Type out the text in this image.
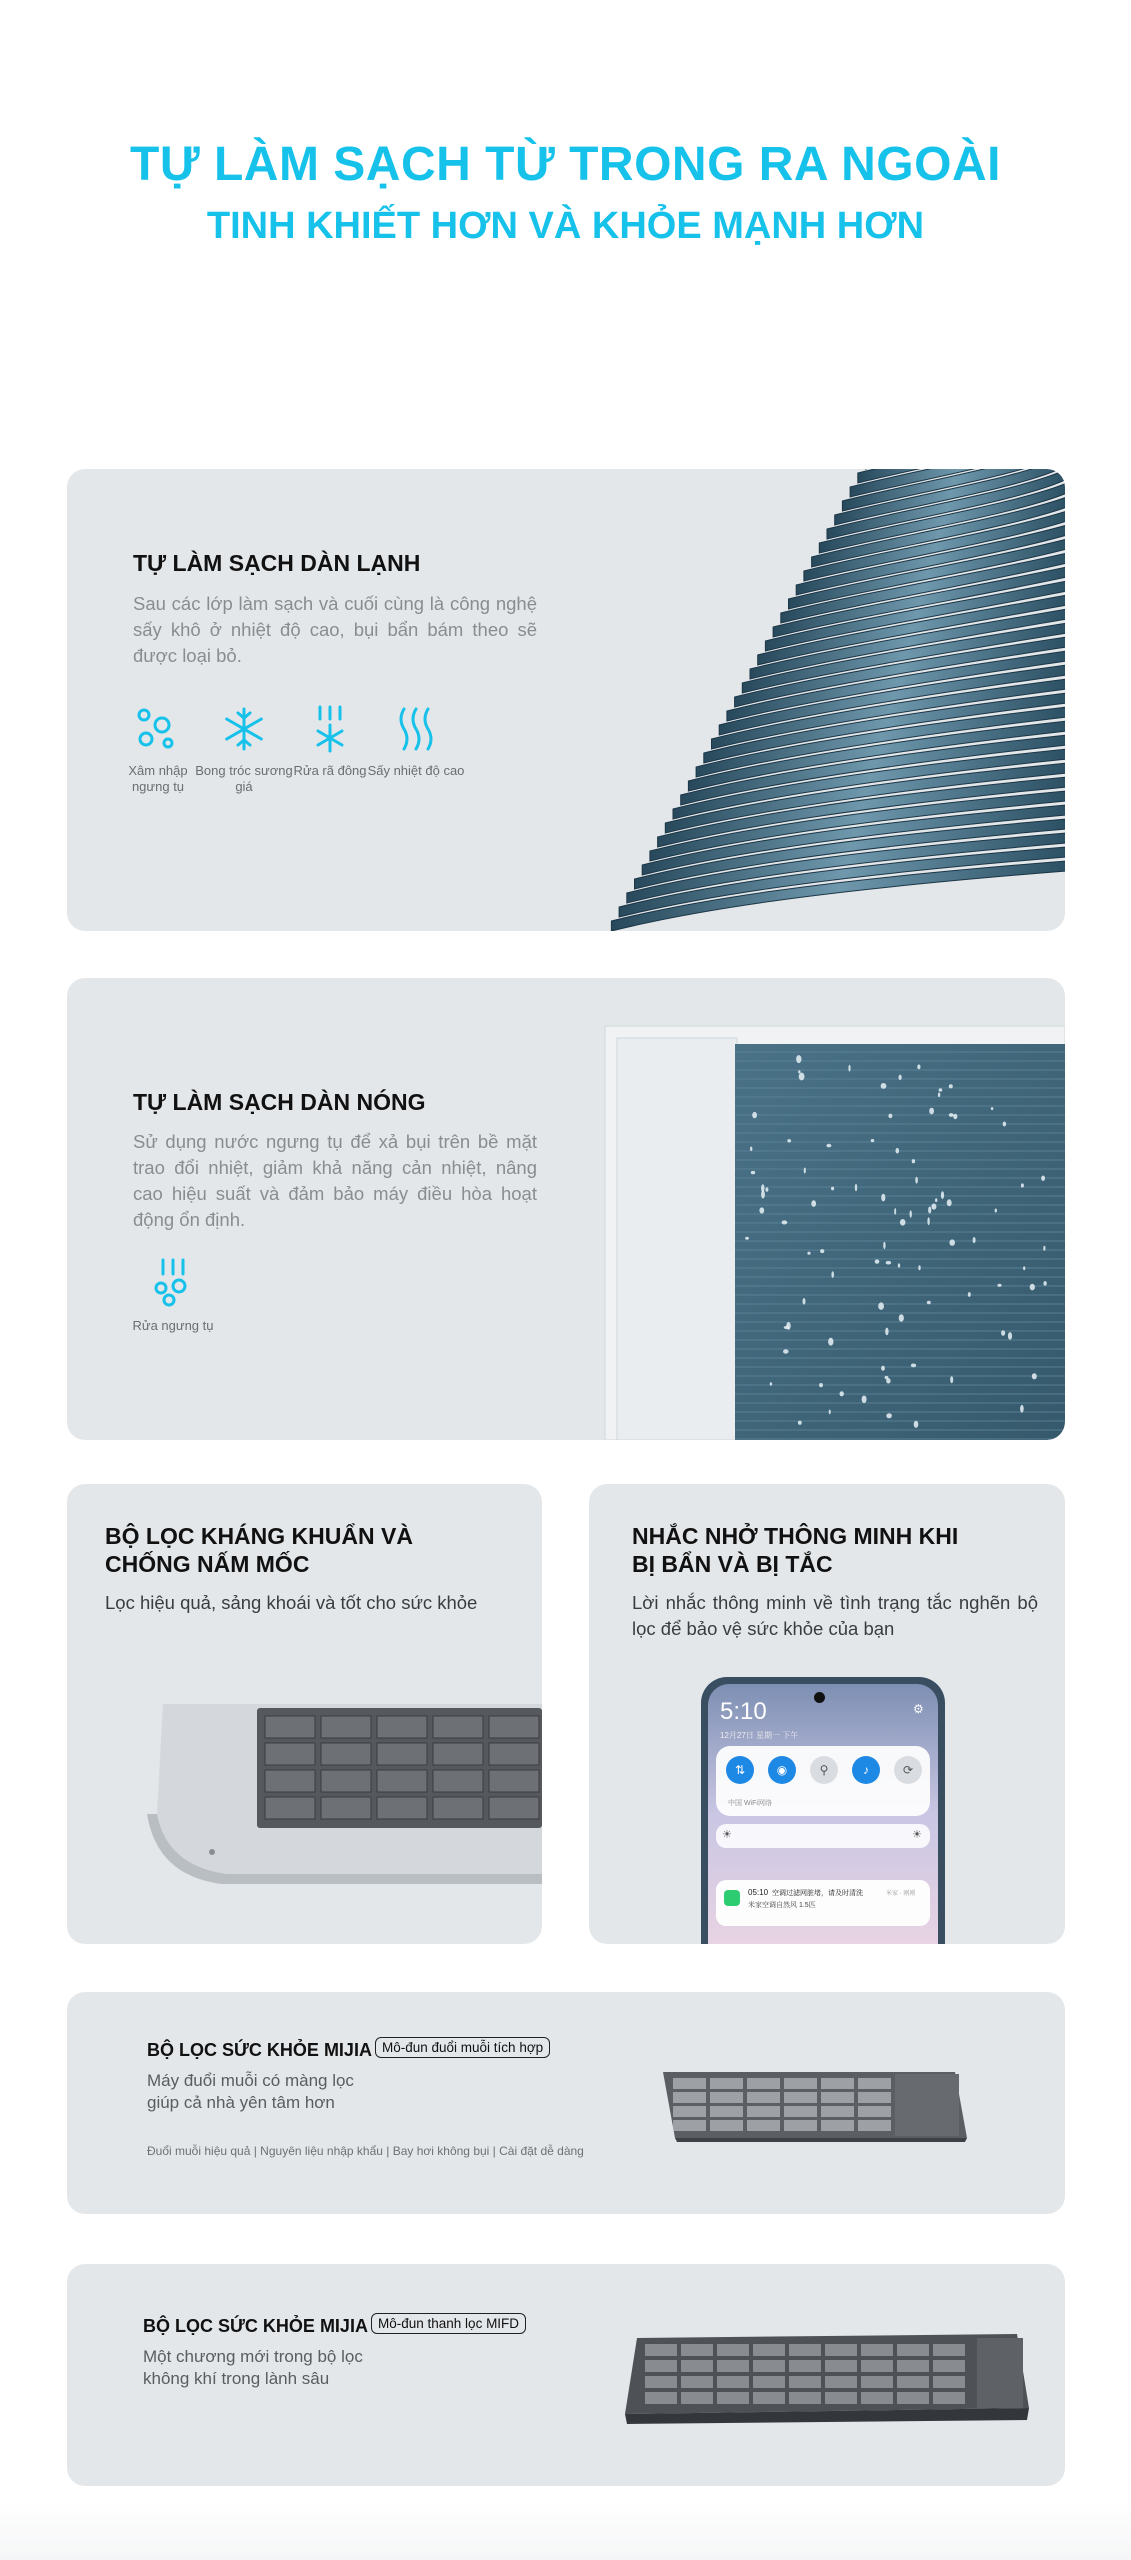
TỰ LÀM SẠCH TỪ TRONG RA NGOÀI
TINH KHIẾT HƠN VÀ KHỎE MẠNH HƠN
TỰ LÀM SẠCH DÀN LẠNH

Sau các lớp làm sạch và cuối cùng là công nghệ sấy khô ở nhiệt độ cao, bụi bẩn bám theo sẽ được loại bỏ.

Xâm nhập ngưng tụ
Bong tróc sương giá
Rửa rã đông Sấy nhiệt độ cao
TỰ LÀM SẠCH DÀN NÓNG

Sử dụng nước ngưng tụ để xả bụi trên bề mặt trao đổi nhiệt, giảm khả năng cản nhiệt, nâng cao hiệu suất và đảm bảo máy điều hòa hoạt động ổn định.

Rửa ngưng tụ
BỘ LỌC KHÁNG KHUẨN VÀ CHỐNG NẤM MỐC

Lọc hiệu quả, sảng khoái và tốt cho sức khỏe

NHẮC NHỞ THÔNG MINH KHI BỊ BẨN VÀ BỊ TẮC

Lời nhắc thông minh về tình trạng tắc nghẽn bộ lọc để bảo vệ sức khỏe của bạn

5:10
12月27日 星期一 下午
⚙
⇅	◉	⚲	♪	⟳
中国 WiFi网络
☀	☀
05:10 空调过滤网脏堵，请及时清洗
米家空调自然风 1.5匹
米家 · 刚刚
BỘ LỌC SỨC KHỎE MIJIA Mô-đun đuổi muỗi tích hợp

Máy đuổi muỗi có màng lọc giúp cả nhà yên tâm hơn

Đuổi muỗi hiệu quả | Nguyên liệu nhập khẩu | Bay hơi không bụi | Cài đặt dễ dàng

BỘ LỌC SỨC KHỎE MIJIA Mô-đun thanh lọc MIFD

Một chương mới trong bộ lọc không khí trong lành sâu
